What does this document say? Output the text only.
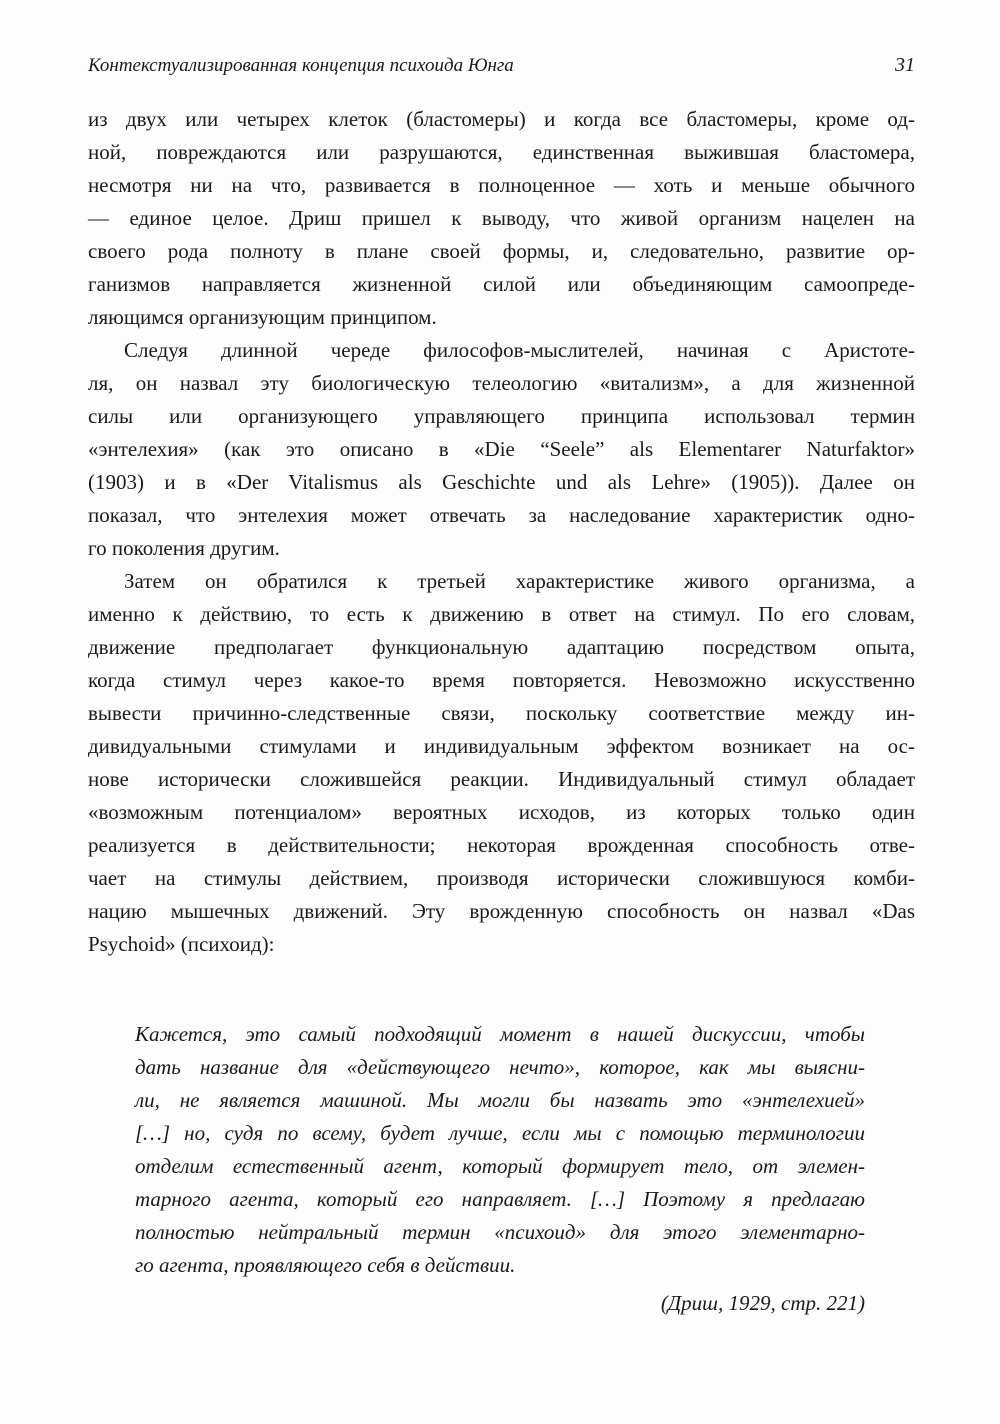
Контекстуализированная концепция психоида Юнга	31
из двух или четырех клеток (бластомеры) и когда все бластомеры, кроме од-
ной, повреждаются или разрушаются, единственная выжившая бластомера,
несмотря ни на что, развивается в полноценное — хоть и меньше обычного
— единое целое. Дриш пришел к выводу, что живой организм нацелен на
своего рода полноту в плане своей формы, и, следовательно, развитие ор-
ганизмов направляется жизненной силой или объединяющим самоопреде-
ляющимся организующим принципом.
Следуя длинной череде философов-мыслителей, начиная с Аристоте-
ля, он назвал эту биологическую телеологию «витализм», а для жизненной
силы или организующего управляющего принципа использовал термин
«энтелехия» (как это описано в «Die “Seele” als Elementarer Naturfaktor»
(1903) и в «Der Vitalismus als Geschichte und als Lehre» (1905)). Далее он
показал, что энтелехия может отвечать за наследование характеристик одно-
го поколения другим.
Затем он обратился к третьей характеристике живого организма, а
именно к действию, то есть к движению в ответ на стимул. По его словам,
движение предполагает функциональную адаптацию посредством опыта,
когда стимул через какое-то время повторяется. Невозможно искусственно
вывести причинно-следственные связи, поскольку соответствие между ин-
дивидуальными стимулами и индивидуальным эффектом возникает на ос-
нове исторически сложившейся реакции. Индивидуальный стимул обладает
«возможным потенциалом» вероятных исходов, из которых только один
реализуется в действительности; некоторая врожденная способность отве-
чает на стимулы действием, производя исторически сложившуюся комби-
нацию мышечных движений. Эту врожденную способность он назвал «Das
Psychoid» (психоид):
Кажется, это самый подходящий момент в нашей дискуссии, чтобы
дать название для «действующего нечто», которое, как мы выясни-
ли, не является машиной. Мы могли бы назвать это «энтелехией»
[…] но, судя по всему, будет лучше, если мы с помощью терминологии
отделим естественный агент, который формирует тело, от элемен-
тарного агента, который его направляет. […] Поэтому я предлагаю
полностью нейтральный термин «психоид» для этого элементарно-
го агента, проявляющего себя в действии.
(Дриш, 1929, стр. 221)
